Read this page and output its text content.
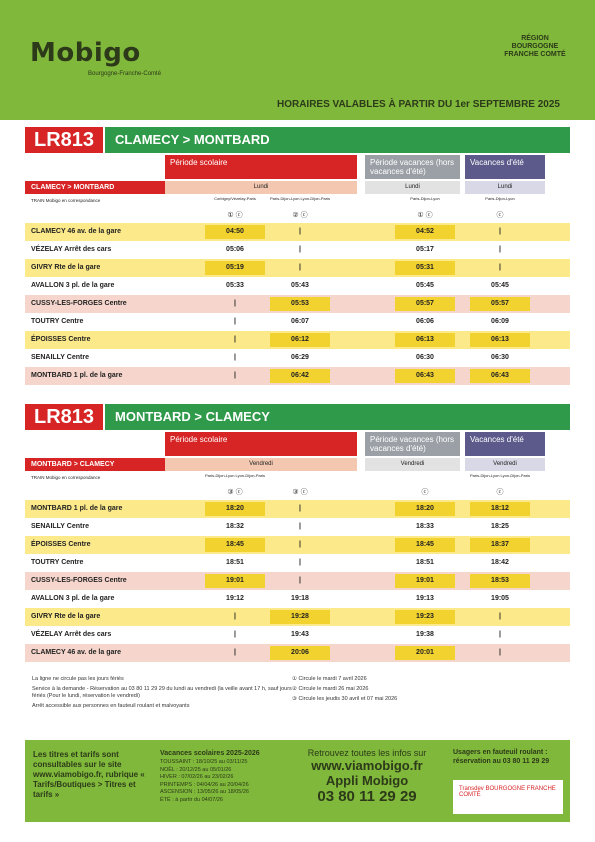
Mobigo
Bourgogne-Franche-Comté
RÉGION BOURGOGNE FRANCHE COMTÉ
HORAIRES VALABLES À PARTIR DU 1er SEPTEMBRE 2025
LR813	CLAMECY > MONTBARD
Période scolaire	Période vacances (hors vacances d'été)
Vacances d'été
CLAMECY > MONTBARD	Lundi	Lundi	Lundi
TRAIN Mobigo en correspondance	Corbigny/Vézelay-Paris	Paris-Dijon-Lyon Lyon-Dijon-Paris	Paris-Dijon-Lyon	Paris-Dijon-Lyon
① ⓒ	② ⓒ	① ⓒ	ⓒ
CLAMECY 46 av. de la gare	04:50	|	04:52	|
VÉZELAY Arrêt des cars	05:06	|	05:17	|
GIVRY Rte de la gare	05:19	|	05:31	|
AVALLON 3 pl. de la gare	05:33	05:43	05:45	05:45
CUSSY-LES-FORGES Centre	|	05:53	05:57	05:57
TOUTRY Centre	|	06:07	06:06	06:09
ÉPOISSES Centre	|	06:12	06:13	06:13
SENAILLY Centre	|	06:29	06:30	06:30
MONTBARD 1 pl. de la gare	|	06:42	06:43	06:43
LR813	MONTBARD > CLAMECY
Période scolaire	Période vacances (hors vacances d'été)
Vacances d'été
MONTBARD > CLAMECY	Vendredi	Vendredi	Vendredi
TRAIN Mobigo en correspondance	Paris-Dijon-Lyon Lyon-Dijon-Paris	Paris-Dijon-Lyon Lyon-Dijon-Paris
③ ⓒ	③ ⓒ	ⓒ	ⓒ
MONTBARD 1 pl. de la gare	18:20	|	18:20	18:12
SENAILLY Centre	18:32	|	18:33	18:25
ÉPOISSES Centre	18:45	|	18:45	18:37
TOUTRY Centre	18:51	|	18:51	18:42
CUSSY-LES-FORGES Centre	19:01	|	19:01	18:53
AVALLON 3 pl. de la gare	19:12	19:18	19:13	19:05
GIVRY Rte de la gare	|	19:28	19:23	|
VÉZELAY Arrêt des cars	|	19:43	19:38	|
CLAMECY 46 av. de la gare	|	20:06	20:01	|
La ligne ne circule pas les jours fériés
Service à la demande - Réservation au 03 80 11 29 29 du lundi au vendredi (la veille avant 17 h, sauf jours fériés (Pour le lundi, réservation le vendredi)
Arrêt accessible aux personnes en fauteuil roulant et malvoyants
① Circule le mardi 7 avril 2026
② Circule le mardi 26 mai 2026
③ Circule les jeudis 30 avril et 07 mai 2026
Les titres et tarifs sont consultables sur le site www.viamobigo.fr, rubrique « Tarifs/Boutiques > Titres et tarifs »
Vacances scolaires 2025-2026
TOUSSAINT : 18/10/25 au 03/11/25
NOËL : 20/12/25 au 05/01/26
HIVER : 07/02/26 au 23/02/26
PRINTEMPS : 04/04/26 au 20/04/26
ASCENSION : 13/05/26 au 18/05/26
ÉTÉ : à partir du 04/07/26
Retrouvez toutes les infos sur
www.viamobigo.fr
Appli Mobigo
03 80 11 29 29
Usagers en fauteuil roulant : réservation au 03 80 11 29 29
Transdev BOURGOGNE FRANCHE COMTÉ
